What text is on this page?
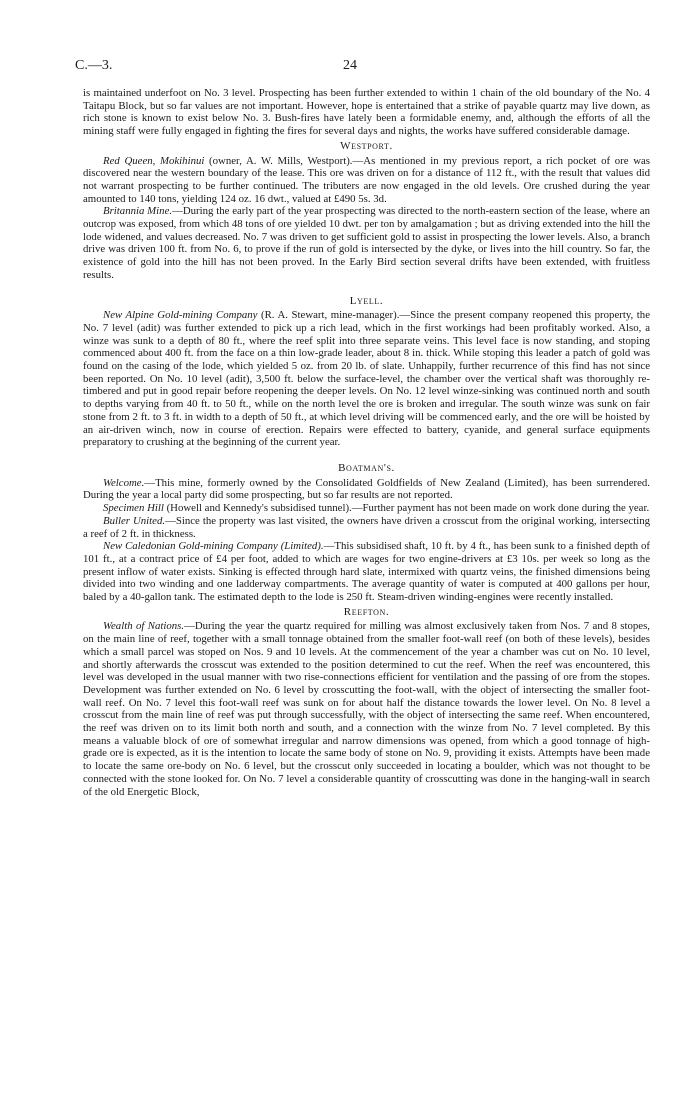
C.—3.	24

is maintained underfoot on No. 3 level. Prospecting has been further extended to within 1 chain of the old boundary of the No. 4 Taitapu Block, but so far values are not important. However, hope is entertained that a strike of payable quartz may live down, as rich stone is known to exist below No. 3. Bush-fires have lately been a formidable enemy, and, although the efforts of all the mining staff were fully engaged in fighting the fires for several days and nights, the works have suffered considerable damage.

Westport.

Red Queen, Mokihinui (owner, A. W. Mills, Westport).—As mentioned in my previous report, a rich pocket of ore was discovered near the western boundary of the lease. This ore was driven on for a distance of 112 ft., with the result that values did not warrant prospecting to be further continued. The tributers are now engaged in the old levels. Ore crushed during the year amounted to 140 tons, yielding 124 oz. 16 dwt., valued at £490 5s. 3d.

Britannia Mine.—During the early part of the year prospecting was directed to the north-eastern section of the lease, where an outcrop was exposed, from which 48 tons of ore yielded 10 dwt. per ton by amalgamation ; but as driving extended into the hill the lode widened, and values decreased. No. 7 was driven to get sufficient gold to assist in prospecting the lower levels. Also, a branch drive was driven 100 ft. from No. 6, to prove if the run of gold is intersected by the dyke, or lives into the hill country. So far, the existence of gold into the hill has not been proved. In the Early Bird section several drifts have been extended, with fruitless results.

Lyell.

New Alpine Gold-mining Company (R. A. Stewart, mine-manager).—Since the present company reopened this property, the No. 7 level (adit) was further extended to pick up a rich lead, which in the first workings had been profitably worked. Also, a winze was sunk to a depth of 80 ft., where the reef split into three separate veins. This level face is now standing, and stoping commenced about 400 ft. from the face on a thin low-grade leader, about 8 in. thick. While stoping this leader a patch of gold was found on the casing of the lode, which yielded 5 oz. from 20 lb. of slate. Unhappily, further recurrence of this find has not since been reported. On No. 10 level (adit), 3,500 ft. below the surface-level, the chamber over the vertical shaft was thoroughly re-timbered and put in good repair before reopening the deeper levels. On No. 12 level winze-sinking was continued north and south to depths varying from 40 ft. to 50 ft., while on the north level the ore is broken and irregular. The south winze was sunk on fair stone from 2 ft. to 3 ft. in width to a depth of 50 ft., at which level driving will be commenced early, and the ore will be hoisted by an air-driven winch, now in course of erection. Repairs were effected to battery, cyanide, and general surface equipments preparatory to crushing at the beginning of the current year.

Boatman's.

Welcome.—This mine, formerly owned by the Consolidated Goldfields of New Zealand (Limited), has been surrendered. During the year a local party did some prospecting, but so far results are not reported.

Specimen Hill (Howell and Kennedy's subsidised tunnel).—Further payment has not been made on work done during the year.

Buller United.—Since the property was last visited, the owners have driven a crosscut from the original working, intersecting a reef of 2 ft. in thickness.

New Caledonian Gold-mining Company (Limited).—This subsidised shaft, 10 ft. by 4 ft., has been sunk to a finished depth of 101 ft., at a contract price of £4 per foot, added to which are wages for two engine-drivers at £3 10s. per week so long as the present inflow of water exists. Sinking is effected through hard slate, intermixed with quartz veins, the finished dimensions being divided into two winding and one ladderway compartments. The average quantity of water is computed at 400 gallons per hour, baled by a 40-gallon tank. The estimated depth to the lode is 250 ft. Steam-driven winding-engines were recently installed.

Reefton.

Wealth of Nations.—During the year the quartz required for milling was almost exclusively taken from Nos. 7 and 8 stopes, on the main line of reef, together with a small tonnage obtained from the smaller foot-wall reef (on both of these levels), besides which a small parcel was stoped on Nos. 9 and 10 levels. At the commencement of the year a chamber was cut on No. 10 level, and shortly afterwards the crosscut was extended to the position determined to cut the reef. When the reef was encountered, this level was developed in the usual manner with two rise-connections efficient for ventilation and the passing of ore from the stopes. Development was further extended on No. 6 level by crosscutting the foot-wall, with the object of intersecting the smaller foot-wall reef. On No. 7 level this foot-wall reef was sunk on for about half the distance towards the lower level. On No. 8 level a crosscut from the main line of reef was put through successfully, with the object of intersecting the same reef. When encountered, the reef was driven on to its limit both north and south, and a connection with the winze from No. 7 level completed. By this means a valuable block of ore of somewhat irregular and narrow dimensions was opened, from which a good tonnage of high-grade ore is expected, as it is the intention to locate the same body of stone on No. 9, providing it exists. Attempts have been made to locate the same ore-body on No. 6 level, but the crosscut only succeeded in locating a boulder, which was not thought to be connected with the stone looked for. On No. 7 level a considerable quantity of crosscutting was done in the hanging-wall in search of the old Energetic Block,
